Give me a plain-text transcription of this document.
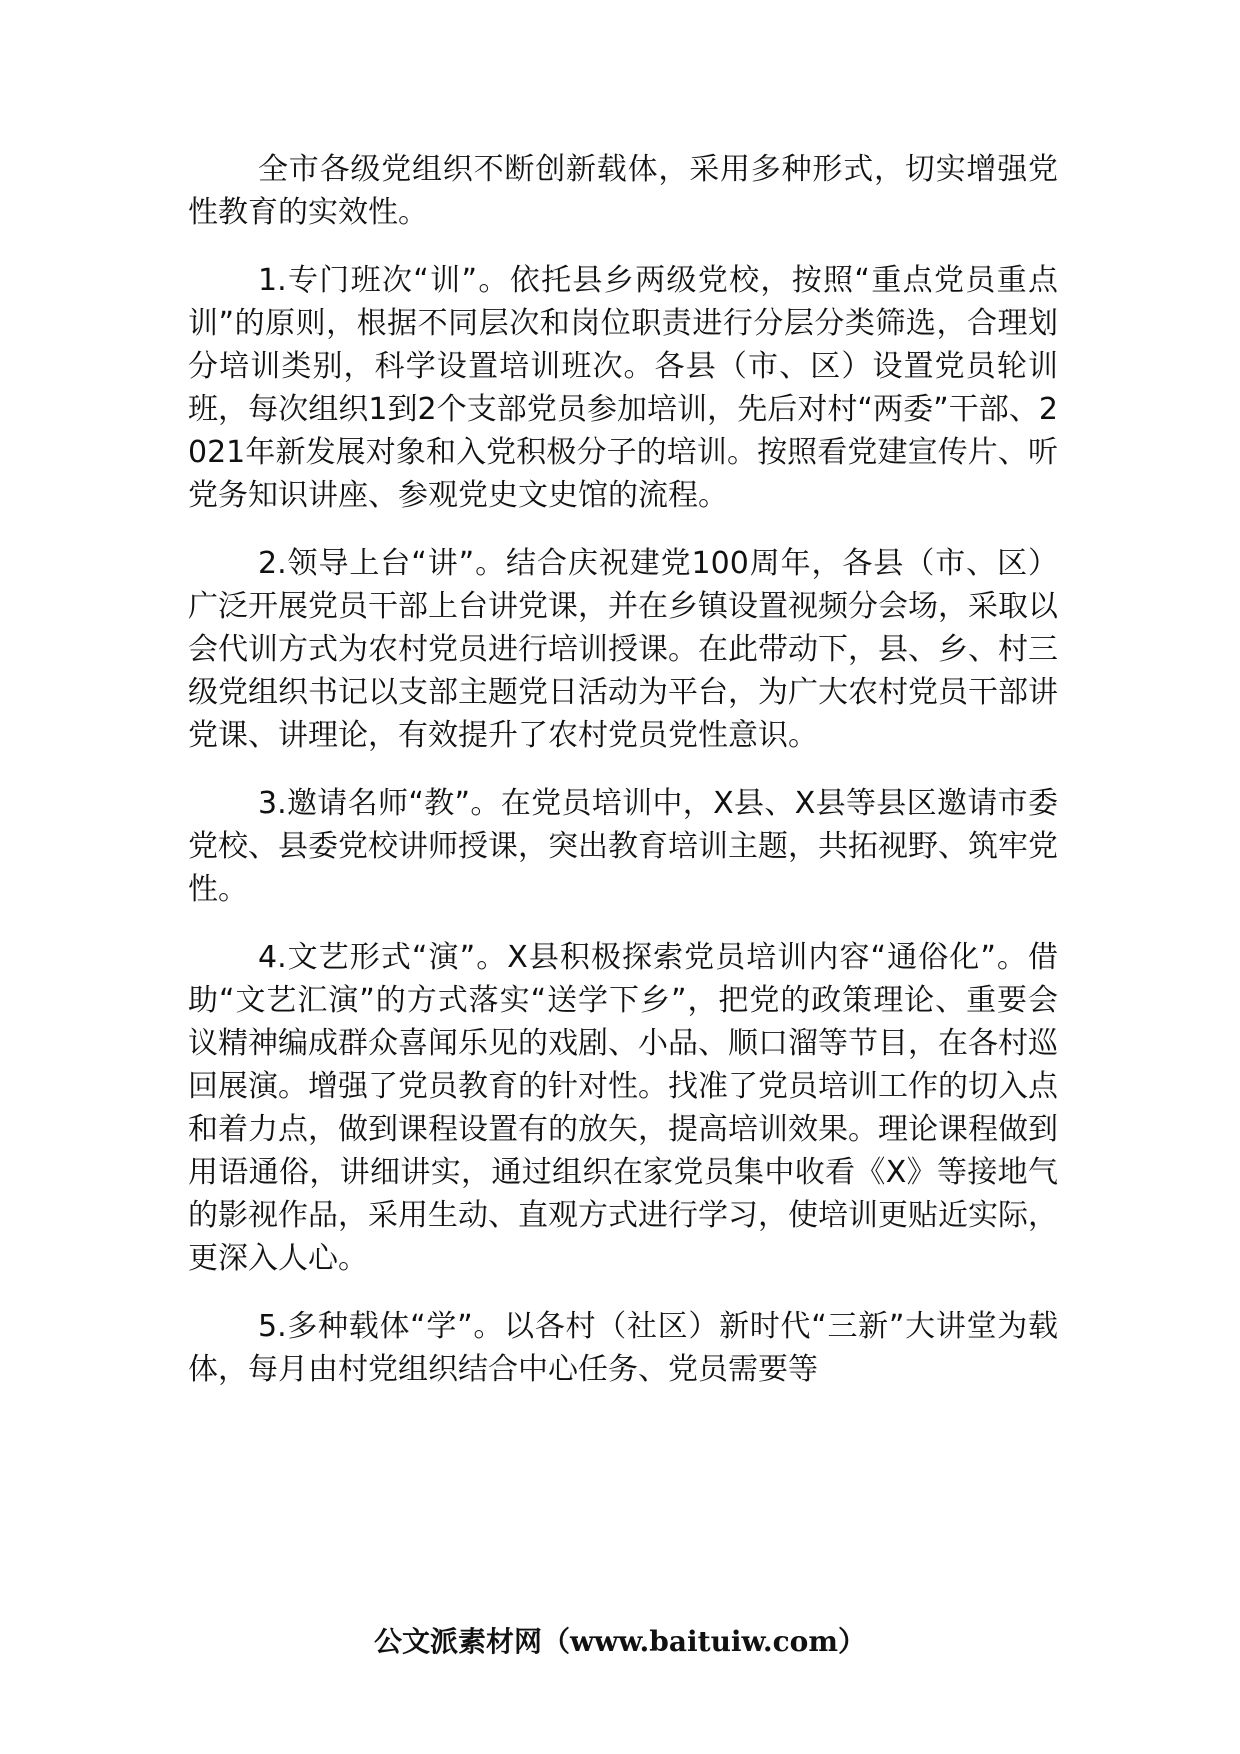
全市各级党组织不断创新载体，采用多种形式，切实增强党性教育的实效性。

1.专门班次“训”。依托县乡两级党校，按照“重点党员重点训”的原则，根据不同层次和岗位职责进行分层分类筛选，合理划分培训类别，科学设置培训班次。各县（市、区）设置党员轮训班，每次组织1到2个支部党员参加培训，先后对村“两委”干部、2021年新发展对象和入党积极分子的培训。按照看党建宣传片、听党务知识讲座、参观党史文史馆的流程。

2.领导上台“讲”。结合庆祝建党100周年，各县（市、区）广泛开展党员干部上台讲党课，并在乡镇设置视频分会场，采取以会代训方式为农村党员进行培训授课。在此带动下，县、乡、村三级党组织书记以支部主题党日活动为平台，为广大农村党员干部讲党课、讲理论，有效提升了农村党员党性意识。

3.邀请名师“教”。在党员培训中，X县、X县等县区邀请市委党校、县委党校讲师授课，突出教育培训主题，共拓视野、筑牢党性。

4.文艺形式“演”。X县积极探索党员培训内容“通俗化”。借助“文艺汇演”的方式落实“送学下乡”，把党的政策理论、重要会议精神编成群众喜闻乐见的戏剧、小品、顺口溜等节目，在各村巡回展演。增强了党员教育的针对性。找准了党员培训工作的切入点和着力点，做到课程设置有的放矢，提高培训效果。理论课程做到用语通俗，讲细讲实，通过组织在家党员集中收看《X》等接地气的影视作品，采用生动、直观方式进行学习，使培训更贴近实际，更深入人心。

5.多种载体“学”。以各村（社区）新时代“三新”大讲堂为载体，每月由村党组织结合中心任务、党员需要等

公文派素材网（www.baituiw.com）
